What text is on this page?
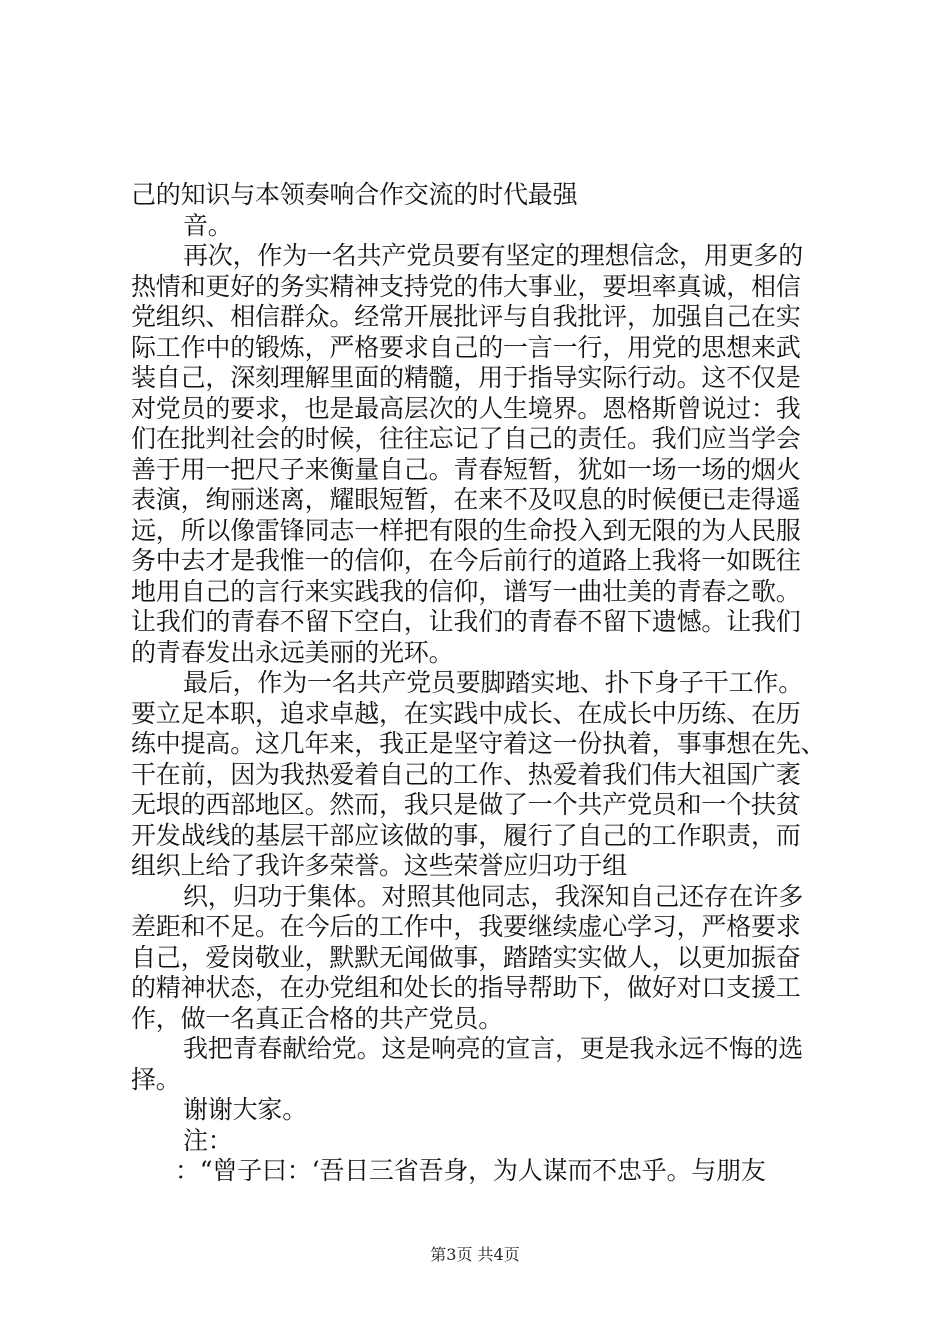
己的知识与本领奏响合作交流的时代最强
音。
再次，作为一名共产党员要有坚定的理想信念，用更多的
热情和更好的务实精神支持党的伟大事业，要坦率真诚，相信
党组织、相信群众。经常开展批评与自我批评，加强自己在实
际工作中的锻炼，严格要求自己的一言一行，用党的思想来武
装自己，深刻理解里面的精髓，用于指导实际行动。这不仅是
对党员的要求，也是最高层次的人生境界。恩格斯曾说过：我
们在批判社会的时候，往往忘记了自己的责任。我们应当学会
善于用一把尺子来衡量自己。青春短暂，犹如一场一场的烟火
表演，绚丽迷离，耀眼短暂，在来不及叹息的时候便已走得遥
远，所以像雷锋同志一样把有限的生命投入到无限的为人民服
务中去才是我惟一的信仰，在今后前行的道路上我将一如既往
地用自己的言行来实践我的信仰，谱写一曲壮美的青春之歌。
让我们的青春不留下空白，让我们的青春不留下遗憾。让我们
的青春发出永远美丽的光环。
最后，作为一名共产党员要脚踏实地、扑下身子干工作。
要立足本职，追求卓越，在实践中成长、在成长中历练、在历
练中提高。这几年来，我正是坚守着这一份执着，事事想在先、
干在前，因为我热爱着自己的工作、热爱着我们伟大祖国广袤
无垠的西部地区。然而，我只是做了一个共产党员和一个扶贫
开发战线的基层干部应该做的事，履行了自己的工作职责，而
组织上给了我许多荣誉。这些荣誉应归功于组
织，归功于集体。对照其他同志，我深知自己还存在许多
差距和不足。在今后的工作中，我要继续虚心学习，严格要求
自己，爱岗敬业，默默无闻做事，踏踏实实做人，以更加振奋
的精神状态，在办党组和处长的指导帮助下，做好对口支援工
作，做一名真正合格的共产党员。
我把青春献给党。这是响亮的宣言，更是我永远不悔的选
择。
谢谢大家。
注：
：“曾子曰：‘吾日三省吾身，为人谋而不忠乎。与朋友
第3页 共4页
